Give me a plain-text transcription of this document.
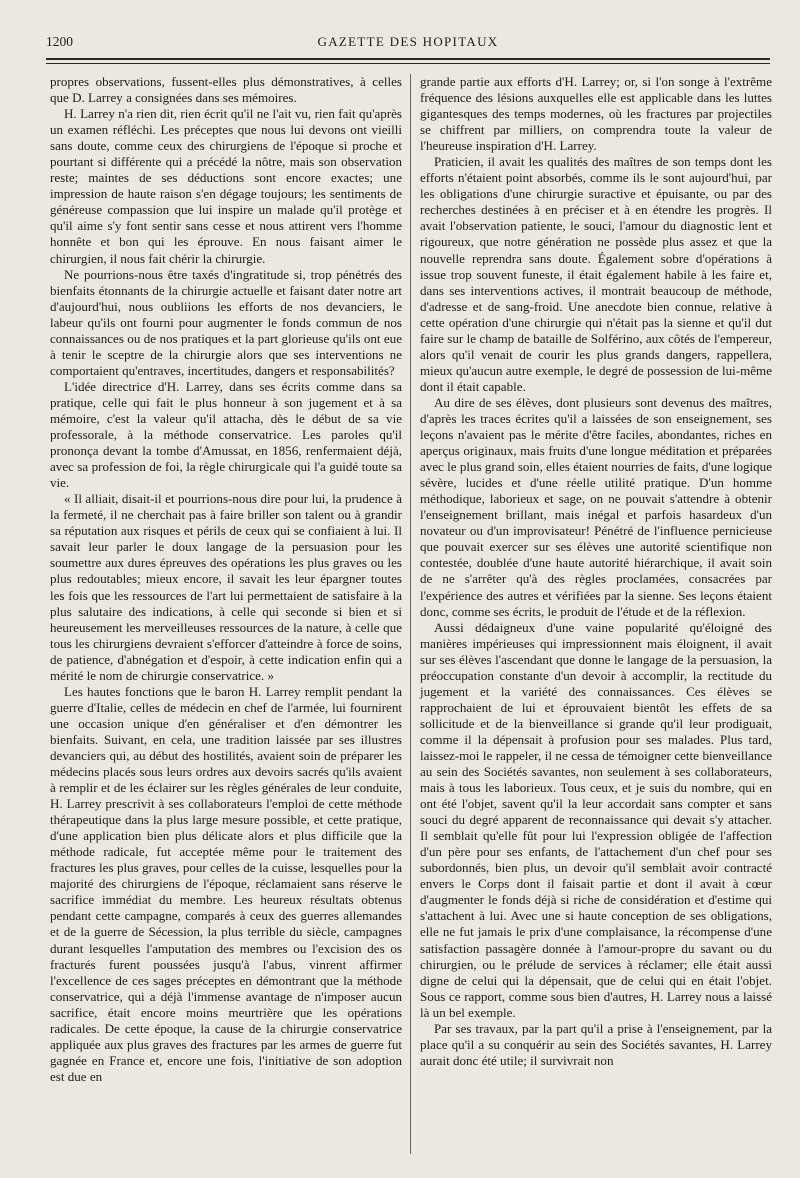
1200	GAZETTE DES HOPITAUX

propres observations, fussent-elles plus démonstratives, à celles que D. Larrey a consignées dans ses mémoires.

H. Larrey n'a rien dit, rien écrit qu'il ne l'ait vu, rien fait qu'après un examen réfléchi. Les préceptes que nous lui devons ont vieilli sans doute, comme ceux des chirurgiens de l'époque si proche et pourtant si différente qui a précédé la nôtre, mais son observation reste; maintes de ses déductions sont encore exactes; une impression de haute raison s'en dégage toujours; les sentiments de généreuse compassion que lui inspire un malade qu'il protège et qu'il aime s'y font sentir sans cesse et nous attirent vers l'homme honnête et bon qui les éprouve. En nous faisant aimer le chirurgien, il nous fait chérir la chirurgie.

Ne pourrions-nous être taxés d'ingratitude si, trop pénétrés des bienfaits étonnants de la chirurgie actuelle et faisant dater notre art d'aujourd'hui, nous oubliions les efforts de nos devanciers, le labeur qu'ils ont fourni pour augmenter le fonds commun de nos connaissances ou de nos pratiques et la part glorieuse qu'ils ont eue à tenir le sceptre de la chirurgie alors que ses interventions ne comportaient qu'entraves, incertitudes, dangers et responsabilités?

L'idée directrice d'H. Larrey, dans ses écrits comme dans sa pratique, celle qui fait le plus honneur à son jugement et à sa mémoire, c'est la valeur qu'il attacha, dès le début de sa vie professorale, à la méthode conservatrice. Les paroles qu'il prononça devant la tombe d'Amussat, en 1856, renfermaient déjà, avec sa profession de foi, la règle chirurgicale qui l'a guidé toute sa vie.

« Il alliait, disait-il et pourrions-nous dire pour lui, la prudence à la fermeté, il ne cherchait pas à faire briller son talent ou à grandir sa réputation aux risques et périls de ceux qui se confiaient à lui. Il savait leur parler le doux langage de la persuasion pour les soumettre aux dures épreuves des opérations les plus graves ou les plus redoutables; mieux encore, il savait les leur épargner toutes les fois que les ressources de l'art lui permettaient de satisfaire à la plus salutaire des indications, à celle qui seconde si bien et si heureusement les merveilleuses ressources de la nature, à celle que tous les chirurgiens devraient s'efforcer d'atteindre à force de soins, de patience, d'abnégation et d'espoir, à cette indication enfin qui a mérité le nom de chirurgie conservatrice. »

Les hautes fonctions que le baron H. Larrey remplit pendant la guerre d'Italie, celles de médecin en chef de l'armée, lui fournirent une occasion unique d'en généraliser et d'en démontrer les bienfaits. Suivant, en cela, une tradition laissée par ses illustres devanciers qui, au début des hostilités, avaient soin de préparer les médecins placés sous leurs ordres aux devoirs sacrés qu'ils avaient à remplir et de les éclairer sur les règles générales de leur conduite, H. Larrey prescrivit à ses collaborateurs l'emploi de cette méthode thérapeutique dans la plus large mesure possible, et cette pratique, d'une application bien plus délicate alors et plus difficile que la méthode radicale, fut acceptée même pour le traitement des fractures les plus graves, pour celles de la cuisse, lesquelles pour la majorité des chirurgiens de l'époque, réclamaient sans réserve le sacrifice immédiat du membre. Les heureux résultats obtenus pendant cette campagne, comparés à ceux des guerres allemandes et de la guerre de Sécession, la plus terrible du siècle, campagnes durant lesquelles l'amputation des membres ou l'excision des os fracturés furent poussées jusqu'à l'abus, vinrent affirmer l'excellence de ces sages préceptes en démontrant que la méthode conservatrice, qui a déjà l'immense avantage de n'imposer aucun sacrifice, était encore moins meurtrière que les opérations radicales. De cette époque, la cause de la chirurgie conservatrice appliquée aux plus graves des fractures par les armes de guerre fut gagnée en France et, encore une fois, l'initiative de son adoption est due en

grande partie aux efforts d'H. Larrey; or, si l'on songe à l'extrême fréquence des lésions auxquelles elle est applicable dans les luttes gigantesques des temps modernes, où les fractures par projectiles se chiffrent par milliers, on comprendra toute la valeur de l'heureuse inspiration d'H. Larrey.

Praticien, il avait les qualités des maîtres de son temps dont les efforts n'étaient point absorbés, comme ils le sont aujourd'hui, par les obligations d'une chirurgie suractive et épuisante, ou par des recherches destinées à en préciser et à en étendre les progrès. Il avait l'observation patiente, le souci, l'amour du diagnostic lent et rigoureux, que notre génération ne possède plus assez et que la nouvelle reprendra sans doute. Également sobre d'opérations à issue trop souvent funeste, il était également habile à les faire et, dans ses interventions actives, il montrait beaucoup de méthode, d'adresse et de sang-froid. Une anecdote bien connue, relative à cette opération d'une chirurgie qui n'était pas la sienne et qu'il dut faire sur le champ de bataille de Solférino, aux côtés de l'empereur, alors qu'il venait de courir les plus grands dangers, rappellera, mieux qu'aucun autre exemple, le degré de possession de lui-même dont il était capable.

Au dire de ses élèves, dont plusieurs sont devenus des maîtres, d'après les traces écrites qu'il a laissées de son enseignement, ses leçons n'avaient pas le mérite d'être faciles, abondantes, riches en aperçus originaux, mais fruits d'une longue méditation et préparées avec le plus grand soin, elles étaient nourries de faits, d'une logique sévère, lucides et d'une réelle utilité pratique. D'un homme méthodique, laborieux et sage, on ne pouvait s'attendre à obtenir l'enseignement brillant, mais inégal et parfois hasardeux d'un novateur ou d'un improvisateur! Pénétré de l'influence pernicieuse que pouvait exercer sur ses élèves une autorité scientifique non contestée, doublée d'une haute autorité hiérarchique, il avait soin de ne s'arrêter qu'à des règles proclamées, consacrées par l'expérience des autres et vérifiées par la sienne. Ses leçons étaient donc, comme ses écrits, le produit de l'étude et de la réflexion.

Aussi dédaigneux d'une vaine popularité qu'éloigné des manières impérieuses qui impressionnent mais éloignent, il avait sur ses élèves l'ascendant que donne le langage de la persuasion, la préoccupation constante d'un devoir à accomplir, la rectitude du jugement et la variété des connaissances. Ces élèves se rapprochaient de lui et éprouvaient bientôt les effets de sa sollicitude et de la bienveillance si grande qu'il leur prodiguait, comme il la dépensait à profusion pour ses malades. Plus tard, laissez-moi le rappeler, il ne cessa de témoigner cette bienveillance au sein des Sociétés savantes, non seulement à ses collaborateurs, mais à tous les laborieux. Tous ceux, et je suis du nombre, qui en ont été l'objet, savent qu'il la leur accordait sans compter et sans souci du degré apparent de reconnaissance qui devait s'y attacher. Il semblait qu'elle fût pour lui l'expression obligée de l'affection d'un père pour ses enfants, de l'attachement d'un chef pour ses subordonnés, bien plus, un devoir qu'il semblait avoir contracté envers le Corps dont il faisait partie et dont il avait à cœur d'augmenter le fonds déjà si riche de considération et d'estime qui s'attachent à lui. Avec une si haute conception de ses obligations, elle ne fut jamais le prix d'une complaisance, la récompense d'une satisfaction passagère donnée à l'amour-propre du savant ou du chirurgien, ou le prélude de services à réclamer; elle était aussi digne de celui qui la dépensait, que de celui qui en était l'objet. Sous ce rapport, comme sous bien d'autres, H. Larrey nous a laissé là un bel exemple.

Par ses travaux, par la part qu'il a prise à l'enseignement, par la place qu'il a su conquérir au sein des Sociétés savantes, H. Larrey aurait donc été utile; il survivrait non
